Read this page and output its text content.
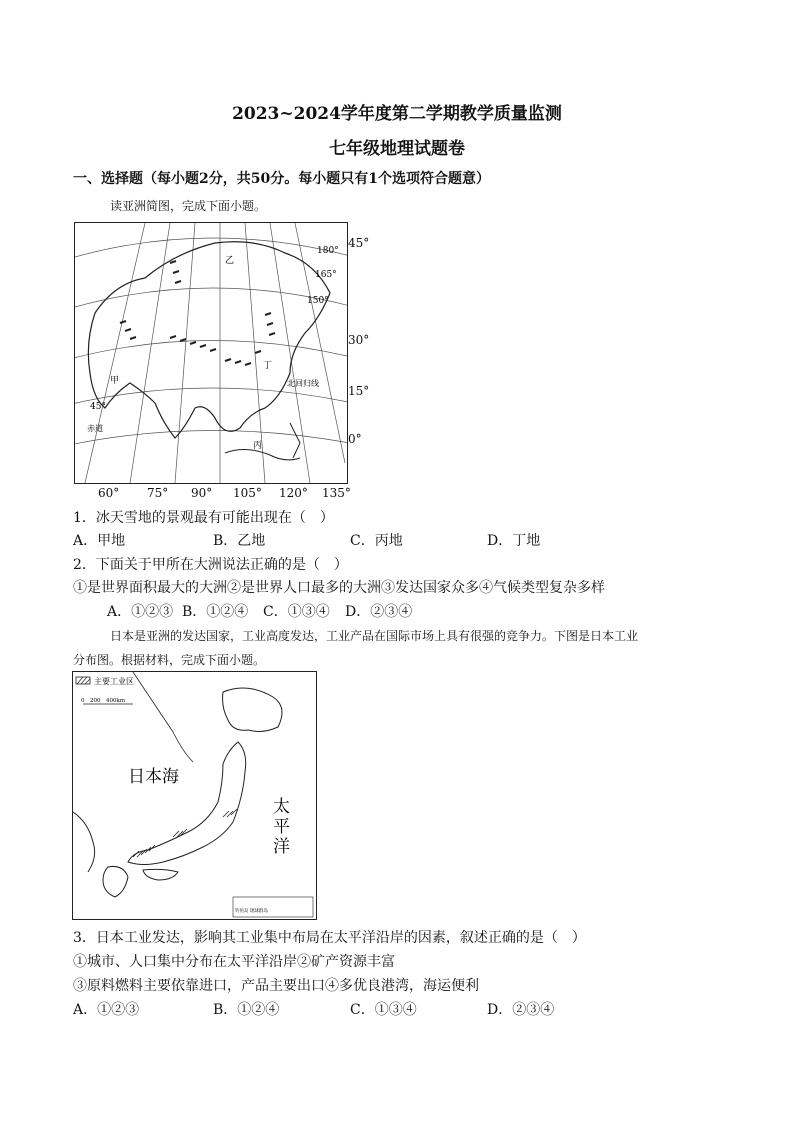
2023~2024学年度第二学期教学质量监测
七年级地理试题卷
一、选择题（每小题2分，共50分。每小题只有1个选项符合题意）
读亚洲简图，完成下面小题。
45°
甲
乙
丙
丁
北回归线
赤道
180°
165°
150°
45°
30°
15°
0°
60° 75° 90° 105° 120° 135°
1．冰天雪地的景观最有可能出现在（　）
A．甲地	B．乙地	C．丙地	D．丁地
2．下面关于甲所在大洲说法正确的是（　）
①是世界面积最大的大洲②是世界人口最多的大洲③发达国家众多④气候类型复杂多样
A．①②③ B．①②④ C．①③④ D．②③④
日本是亚洲的发达国家，工业高度发达，工业产品在国际市场上具有很强的竞争力。下图是日本工业
分布图。根据材料，完成下面小题。
主要工业区
0　200　400km
日本海
太
平
洋
钓鱼岛 琉球群岛
3．日本工业发达，影响其工业集中布局在太平洋沿岸的因素，叙述正确的是（　）
①城市、人口集中分布在太平洋沿岸②矿产资源丰富
③原料燃料主要依靠进口，产品主要出口④多优良港湾，海运便利
A．①②③	B．①②④	C．①③④	D．②③④
